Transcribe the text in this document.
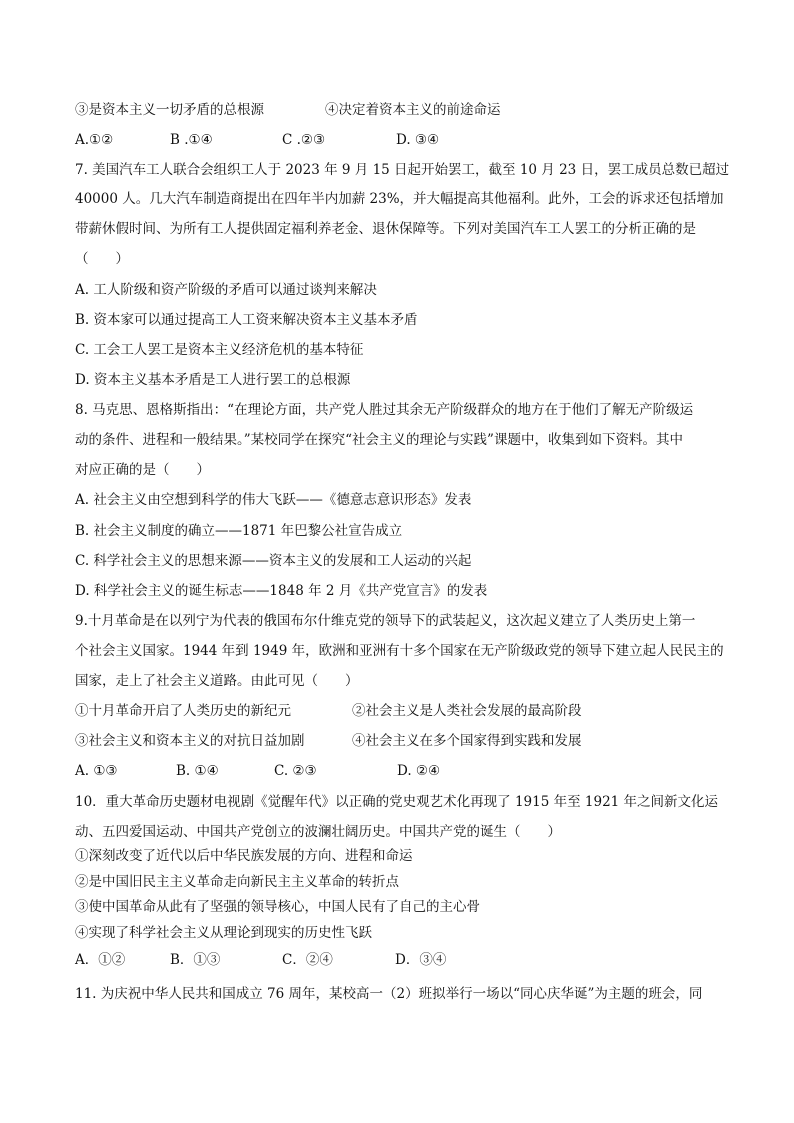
③是资本主义一切矛盾的总根源	④决定着资本主义的前途命运
A.①②	B .①④	C .②③	D. ③④
7. 美国汽车工人联合会组织工人于 2023 年 9 月 15 日起开始罢工，截至 10 月 23 日，罢工成员总数已超过
40000 人。几大汽车制造商提出在四年半内加薪 23%，并大幅提高其他福利。此外，工会的诉求还包括增加
带薪休假时间、为所有工人提供固定福利养老金、退休保障等。下列对美国汽车工人罢工的分析正确的是
（　　）
A. 工人阶级和资产阶级的矛盾可以通过谈判来解决
B. 资本家可以通过提高工人工资来解决资本主义基本矛盾
C. 工会工人罢工是资本主义经济危机的基本特征
D. 资本主义基本矛盾是工人进行罢工的总根源
8. 马克思、恩格斯指出：“在理论方面，共产党人胜过其余无产阶级群众的地方在于他们了解无产阶级运
动的条件、进程和一般结果。”某校同学在探究“社会主义的理论与实践”课题中，收集到如下资料。其中
对应正确的是（　　）
A. 社会主义由空想到科学的伟大飞跃——《德意志意识形态》发表
B. 社会主义制度的确立——1871 年巴黎公社宣告成立
C. 科学社会主义的思想来源——资本主义的发展和工人运动的兴起
D. 科学社会主义的诞生标志——1848 年 2 月《共产党宣言》的发表
9.十月革命是在以列宁为代表的俄国布尔什维克党的领导下的武装起义，这次起义建立了人类历史上第一
个社会主义国家。1944 年到 1949 年，欧洲和亚洲有十多个国家在无产阶级政党的领导下建立起人民民主的
国家，走上了社会主义道路。由此可见（　　）
①十月革命开启了人类历史的新纪元	②社会主义是人类社会发展的最高阶段
③社会主义和资本主义的对抗日益加剧	④社会主义在多个国家得到实践和发展
A. ①③	B. ①④	C. ②③	D. ②④
10．重大革命历史题材电视剧《觉醒年代》以正确的党史观艺术化再现了 1915 年至 1921 年之间新文化运
动、五四爱国运动、中国共产党创立的波澜壮阔历史。中国共产党的诞生（　　）
①深刻改变了近代以后中华民族发展的方向、进程和命运
②是中国旧民主主义革命走向新民主主义革命的转折点
③使中国革命从此有了坚强的领导核心，中国人民有了自己的主心骨
④实现了科学社会主义从理论到现实的历史性飞跃
A．①②	B．①③	C．②④	D．③④
11. 为庆祝中华人民共和国成立 76 周年，某校高一（2）班拟举行一场以“同心庆华诞”为主题的班会，同
